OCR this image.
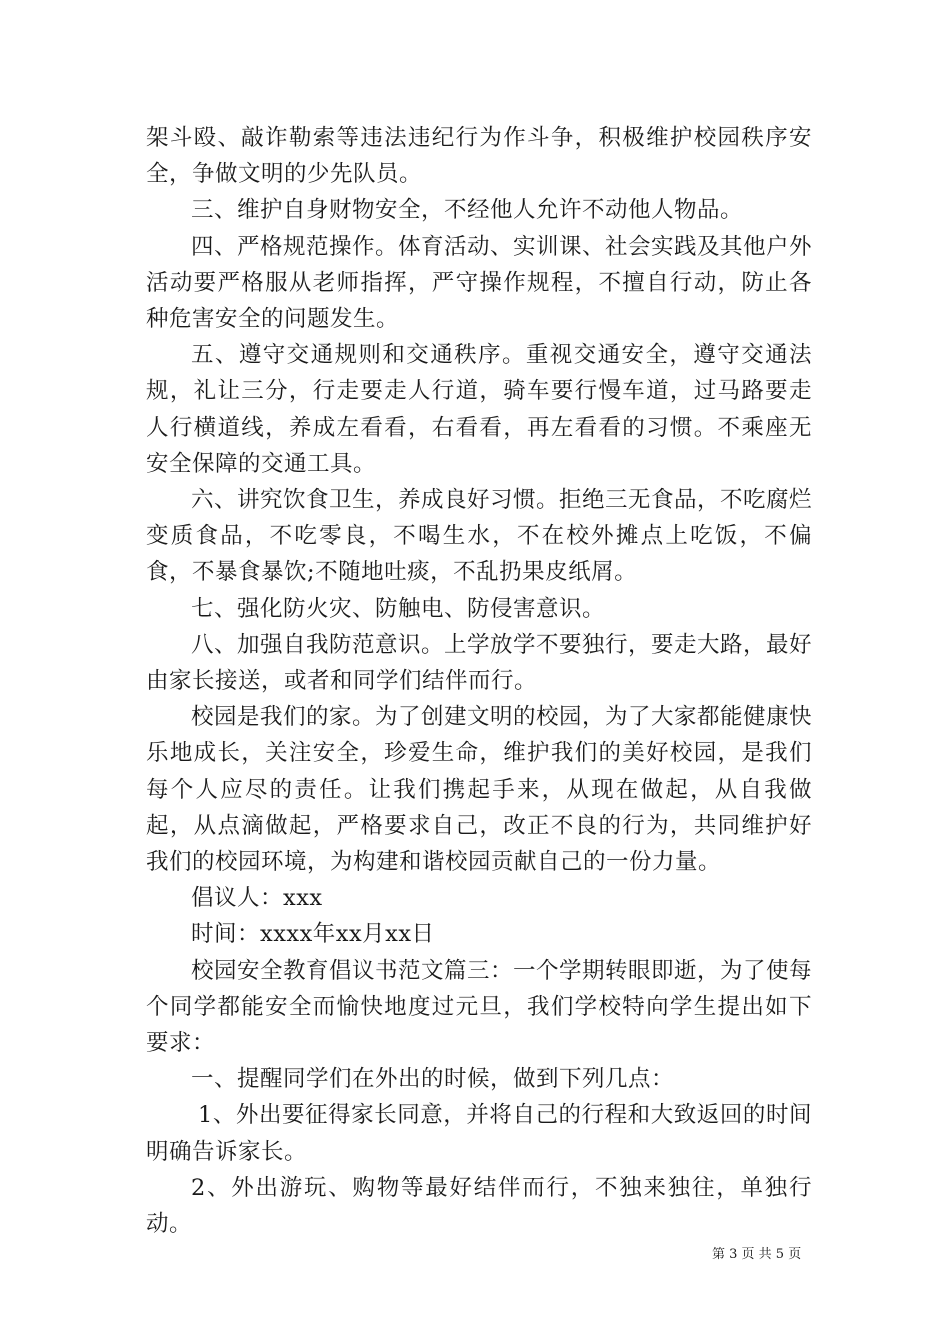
架斗殴、敲诈勒索等违法违纪行为作斗争，积极维护校园秩序安全，争做文明的少先队员。

三、维护自身财物安全，不经他人允许不动他人物品。

四、严格规范操作。体育活动、实训课、社会实践及其他户外活动要严格服从老师指挥，严守操作规程，不擅自行动，防止各种危害安全的问题发生。

五、遵守交通规则和交通秩序。重视交通安全，遵守交通法规，礼让三分，行走要走人行道，骑车要行慢车道，过马路要走人行横道线，养成左看看，右看看，再左看看的习惯。不乘座无安全保障的交通工具。

六、讲究饮食卫生，养成良好习惯。拒绝三无食品，不吃腐烂变质食品，不吃零良，不喝生水，不在校外摊点上吃饭，不偏食，不暴食暴饮;不随地吐痰，不乱扔果皮纸屑。

七、强化防火灾、防触电、防侵害意识。

八、加强自我防范意识。上学放学不要独行，要走大路，最好由家长接送，或者和同学们结伴而行。

校园是我们的家。为了创建文明的校园，为了大家都能健康快乐地成长，关注安全，珍爱生命，维护我们的美好校园，是我们每个人应尽的责任。让我们携起手来，从现在做起，从自我做起，从点滴做起，严格要求自己，改正不良的行为，共同维护好我们的校园环境，为构建和谐校园贡献自己的一份力量。

倡议人：xxx

时间：xxxx年xx月xx日

校园安全教育倡议书范文篇三：一个学期转眼即逝，为了使每个同学都能安全而愉快地度过元旦，我们学校特向学生提出如下要求：

一、提醒同学们在外出的时候，做到下列几点：

1、外出要征得家长同意，并将自己的行程和大致返回的时间明确告诉家长。

2、外出游玩、购物等最好结伴而行，不独来独往，单独行动。

第 3 页 共 5 页
